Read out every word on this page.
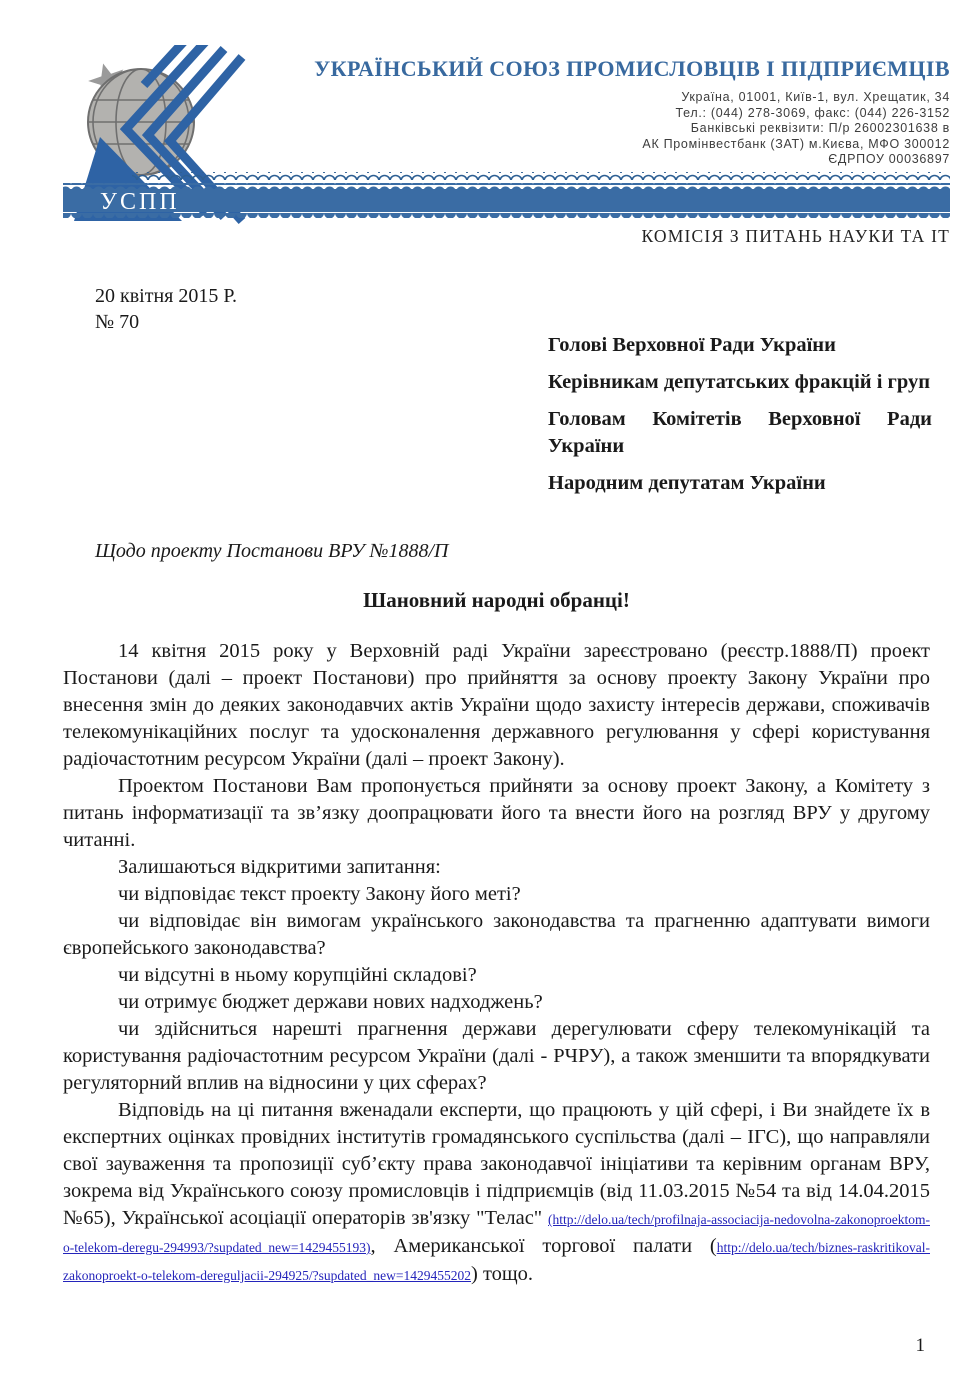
УСПП
УКРАЇНСЬКИЙ СОЮЗ ПРОМИСЛОВЦІВ І ПІДПРИЄМЦІВ
Україна, 01001, Київ-1, вул. Хрещатик, 34
Тел.: (044) 278-3069, факс: (044) 226-3152
Банківські реквізити: П/р 26002301638 в
АК Промінвестбанк (ЗАТ) м.Києва, МФО 300012
ЄДРПОУ 00036897
КОМІСІЯ З ПИТАНЬ НАУКИ ТА ІТ
20 квітня 2015 Р.
№ 70

Голові Верховної Ради України

Керівникам депутатських фракцій і груп

Головам Комітетів Верховної Ради України

Народним депутатам України

Щодо проекту Постанови ВРУ №1888/П
Шановний народні обранці!

14 квітня 2015 року у Верховній раді України зареєстровано (реєстр.1888/П) проект Постанови (далі – проект Постанови) про прийняття за основу проекту Закону України про внесення змін до деяких законодавчих актів України щодо захисту інтересів держави, споживачів телекомунікаційних послуг та удосконалення державного регулювання у сфері користування радіочастотним ресурсом України (далі – проект Закону).

Проектом Постанови Вам пропонується прийняти за основу проект Закону, а Комітету з питань інформатизації та зв’язку доопрацювати його та внести його на розгляд ВРУ у другому читанні.

Залишаються відкритими запитання:

чи відповідає текст проекту Закону його меті?

чи відповідає він вимогам українського законодавства та прагненню адаптувати вимоги європейського законодавства?

чи відсутні в ньому корупційні складові?

чи отримує бюджет держави нових надходжень?

чи здійсниться нарешті прагнення держави дерегулювати сферу телекомунікацій та користування радіочастотним ресурсом України (далі - РЧРУ), а також зменшити та впорядкувати регуляторний вплив на відносини у цих сферах?

Відповідь на ці питання вженадали експерти, що працюють у цій сфері, і Ви знайдете їх в експертних оцінках провідних інститутів громадянського суспільства (далі – ІГС), що направляли свої зауваження та пропозиції суб’єкту права законодавчої ініціативи та керівним органам ВРУ, зокрема від Українського союзу промисловців і підприємців (від 11.03.2015 №54 та від 14.04.2015 №65), Української асоціації операторів зв'язку "Телас" (http://delo.ua/tech/profilnaja-associacija-nedovolna-zakonoproektom-o-telekom-deregu-294993/?supdated_new=1429455193), Американської торгової палати (http://delo.ua/tech/biznes-raskritikoval-zakonoproekt-o-telekom-dereguljacii-294925/?supdated_new=1429455202) тощо.

1
